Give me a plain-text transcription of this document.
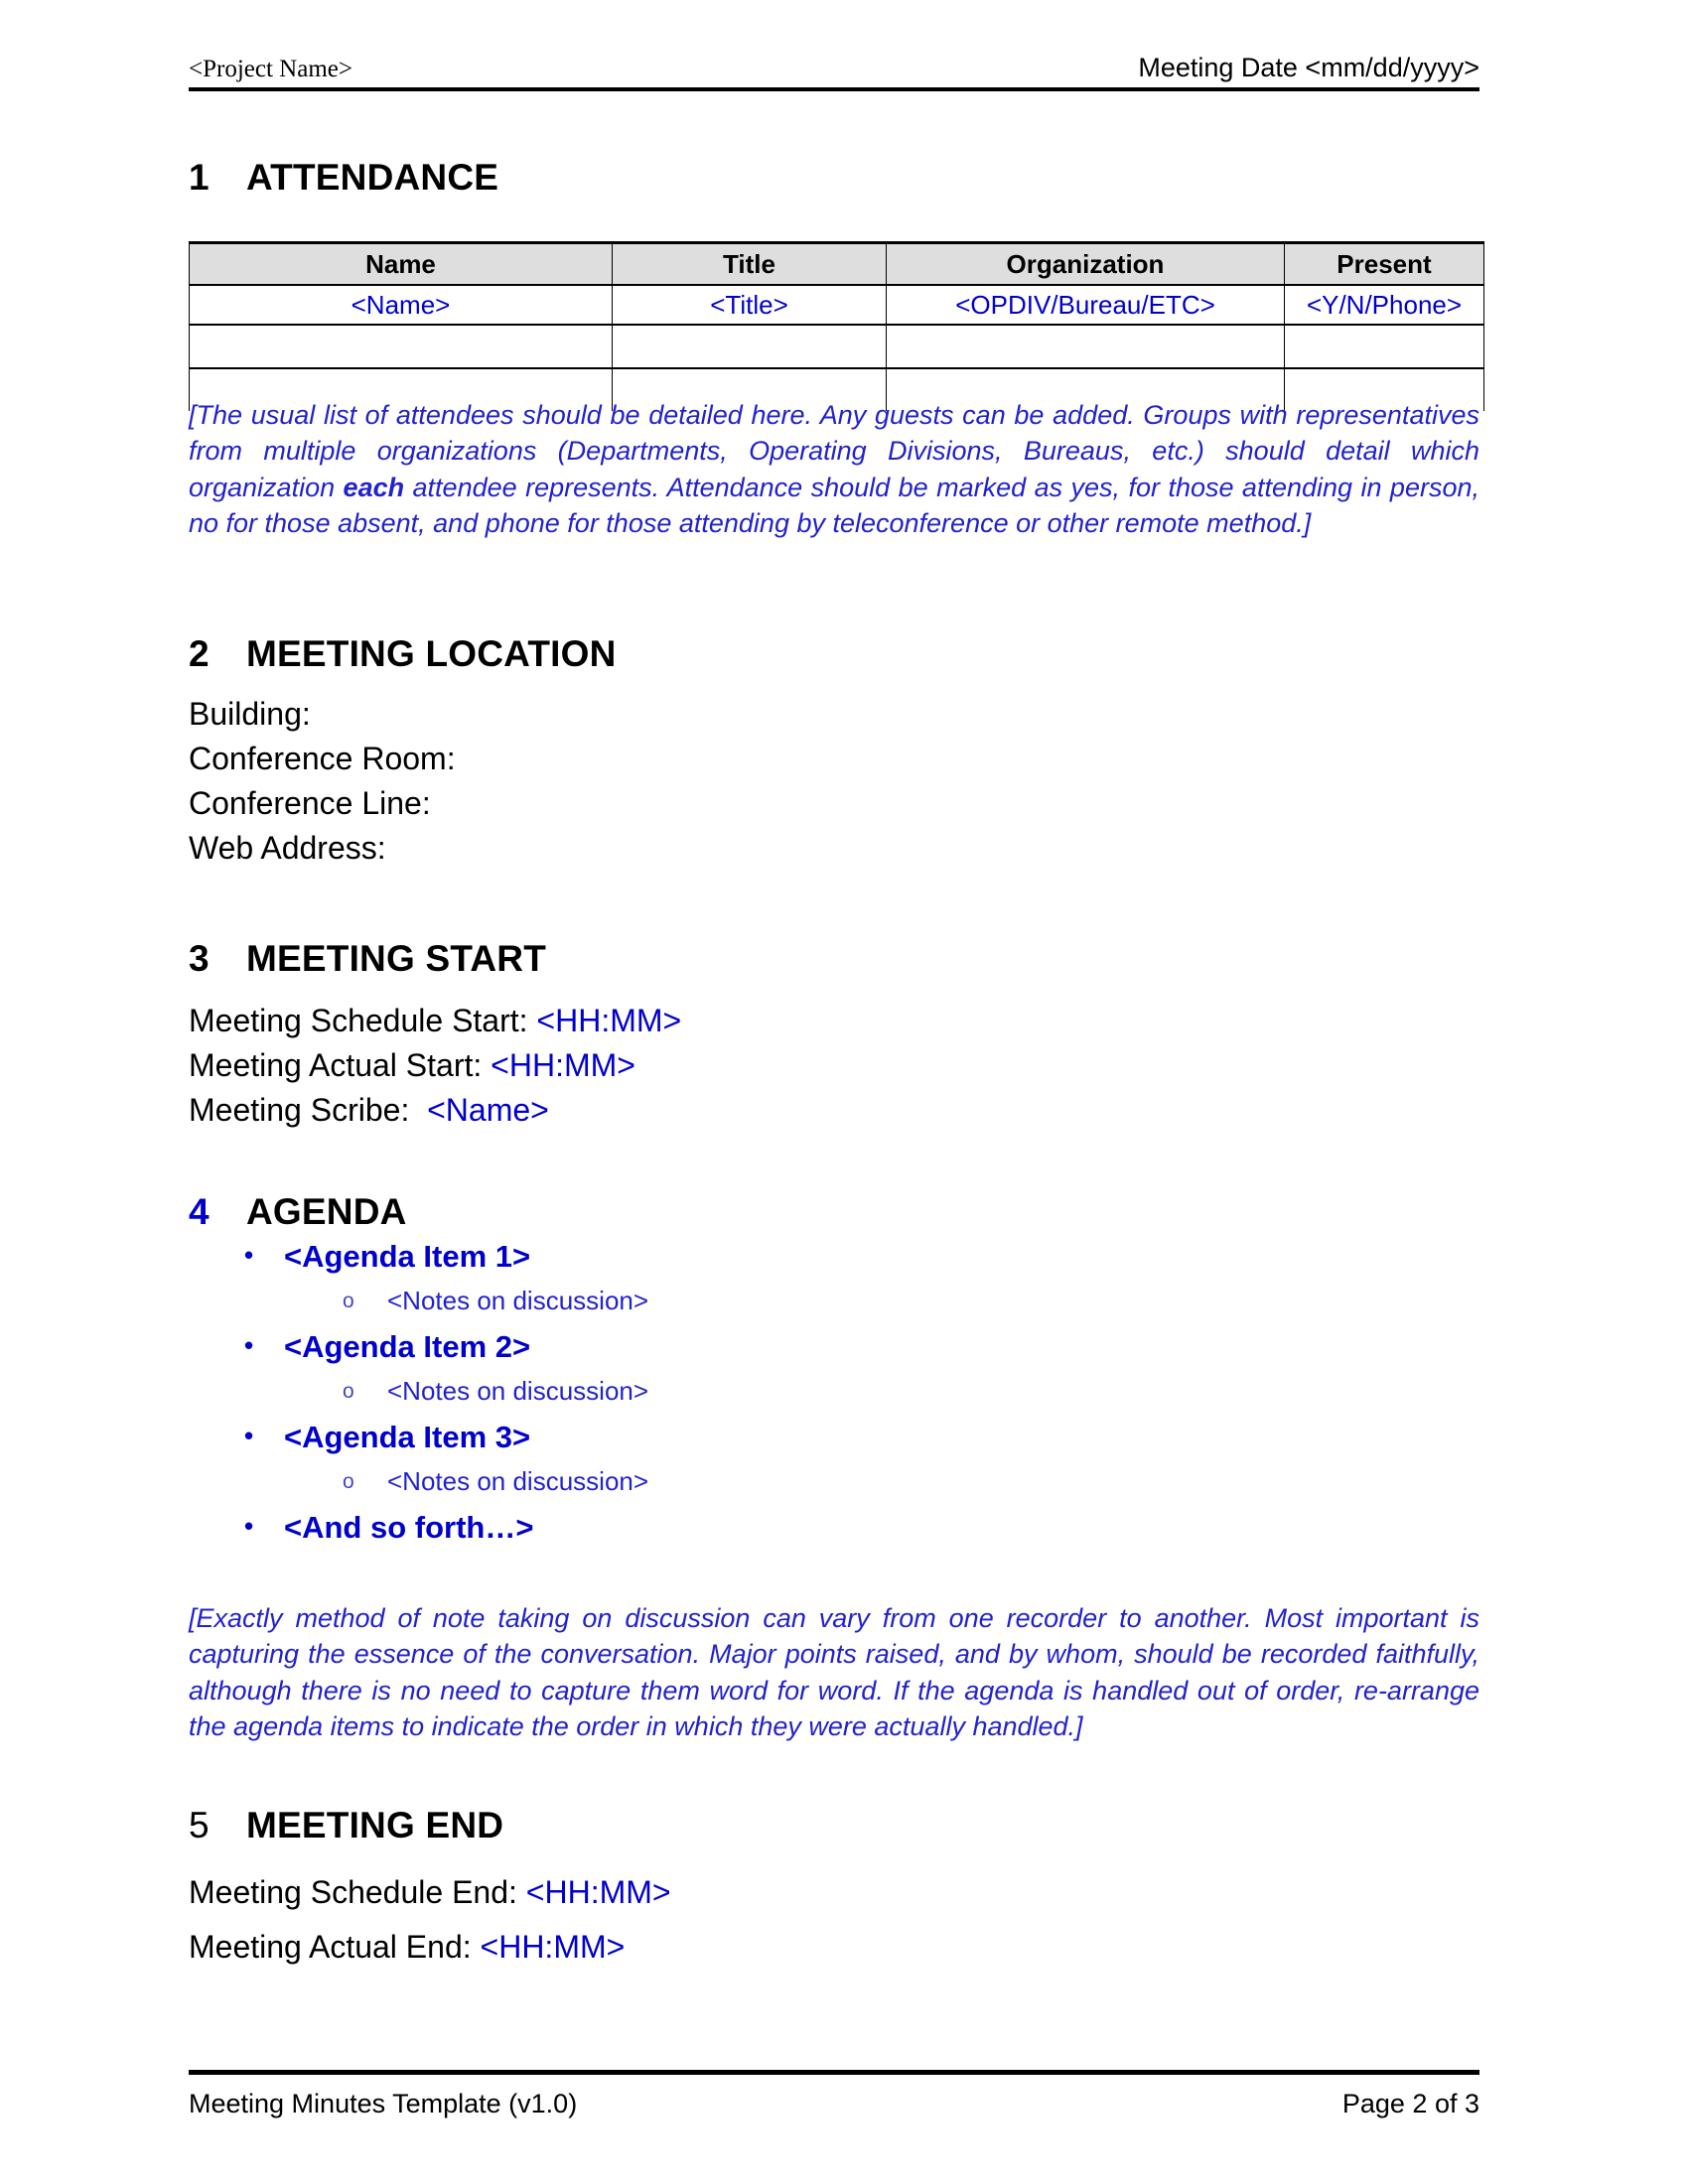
<Project Name>	Meeting Date <mm/dd/yyyy>
1 ATTENDANCE
Name	Title	Organization	Present
<Name>	<Title>	<OPDIV/Bureau/ETC>	<Y/N/Phone>

[The usual list of attendees should be detailed here. Any guests can be added. Groups with representatives from multiple organizations (Departments, Operating Divisions, Bureaus, etc.) should detail which organization each attendee represents. Attendance should be marked as yes, for those attending in person, no for those absent, and phone for those attending by teleconference or other remote method.]
2 MEETING LOCATION
Building:
Conference Room:
Conference Line:
Web Address:
3 MEETING START
Meeting Schedule Start: <HH:MM>
Meeting Actual Start: <HH:MM>
Meeting Scribe:  <Name>
4 AGENDA
• <Agenda Item 1>
o <Notes on discussion>
• <Agenda Item 2>
o <Notes on discussion>
• <Agenda Item 3>
o <Notes on discussion>
• <And so forth…>
[Exactly method of note taking on discussion can vary from one recorder to another. Most important is capturing the essence of the conversation. Major points raised, and by whom, should be recorded faithfully, although there is no need to capture them word for word. If the agenda is handled out of order, re-arrange the agenda items to indicate the order in which they were actually handled.]
5 MEETING END
Meeting Schedule End: <HH:MM>
Meeting Actual End: <HH:MM>
Meeting Minutes Template (v1.0)	Page 2 of 3
